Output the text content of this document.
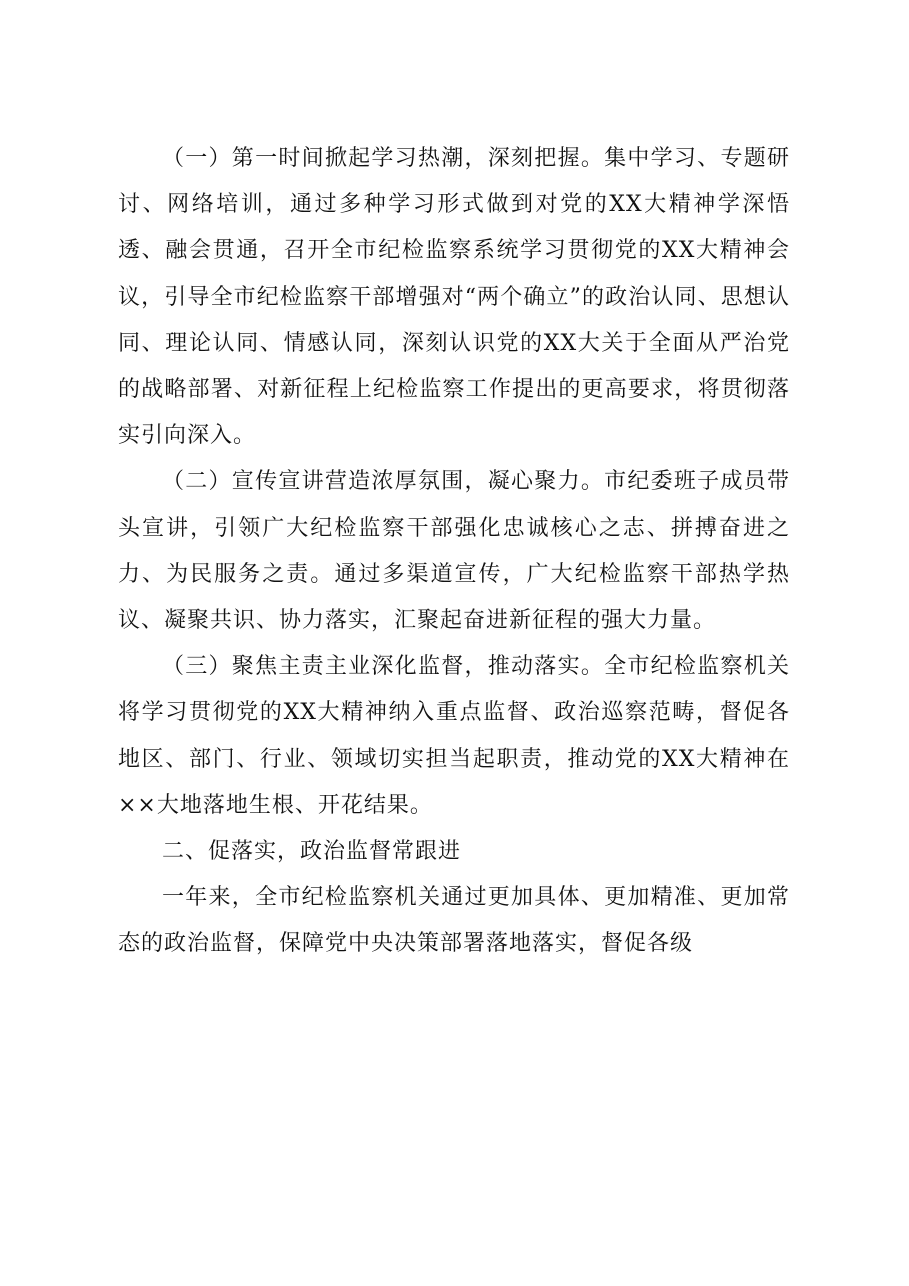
（一）第一时间掀起学习热潮，深刻把握。集中学习、专题研讨、网络培训，通过多种学习形式做到对党的XX大精神学深悟透、融会贯通，召开全市纪检监察系统学习贯彻党的XX大精神会议，引导全市纪检监察干部增强对“两个确立”的政治认同、思想认同、理论认同、情感认同，深刻认识党的XX大关于全面从严治党的战略部署、对新征程上纪检监察工作提出的更高要求，将贯彻落实引向深入。

（二）宣传宣讲营造浓厚氛围，凝心聚力。市纪委班子成员带头宣讲，引领广大纪检监察干部强化忠诚核心之志、拼搏奋进之力、为民服务之责。通过多渠道宣传，广大纪检监察干部热学热议、凝聚共识、协力落实，汇聚起奋进新征程的强大力量。

（三）聚焦主责主业深化监督，推动落实。全市纪检监察机关将学习贯彻党的XX大精神纳入重点监督、政治巡察范畴，督促各地区、部门、行业、领域切实担当起职责，推动党的XX大精神在××大地落地生根、开花结果。

二、促落实，政治监督常跟进

一年来，全市纪检监察机关通过更加具体、更加精准、更加常态的政治监督，保障党中央决策部署落地落实，督促各级
